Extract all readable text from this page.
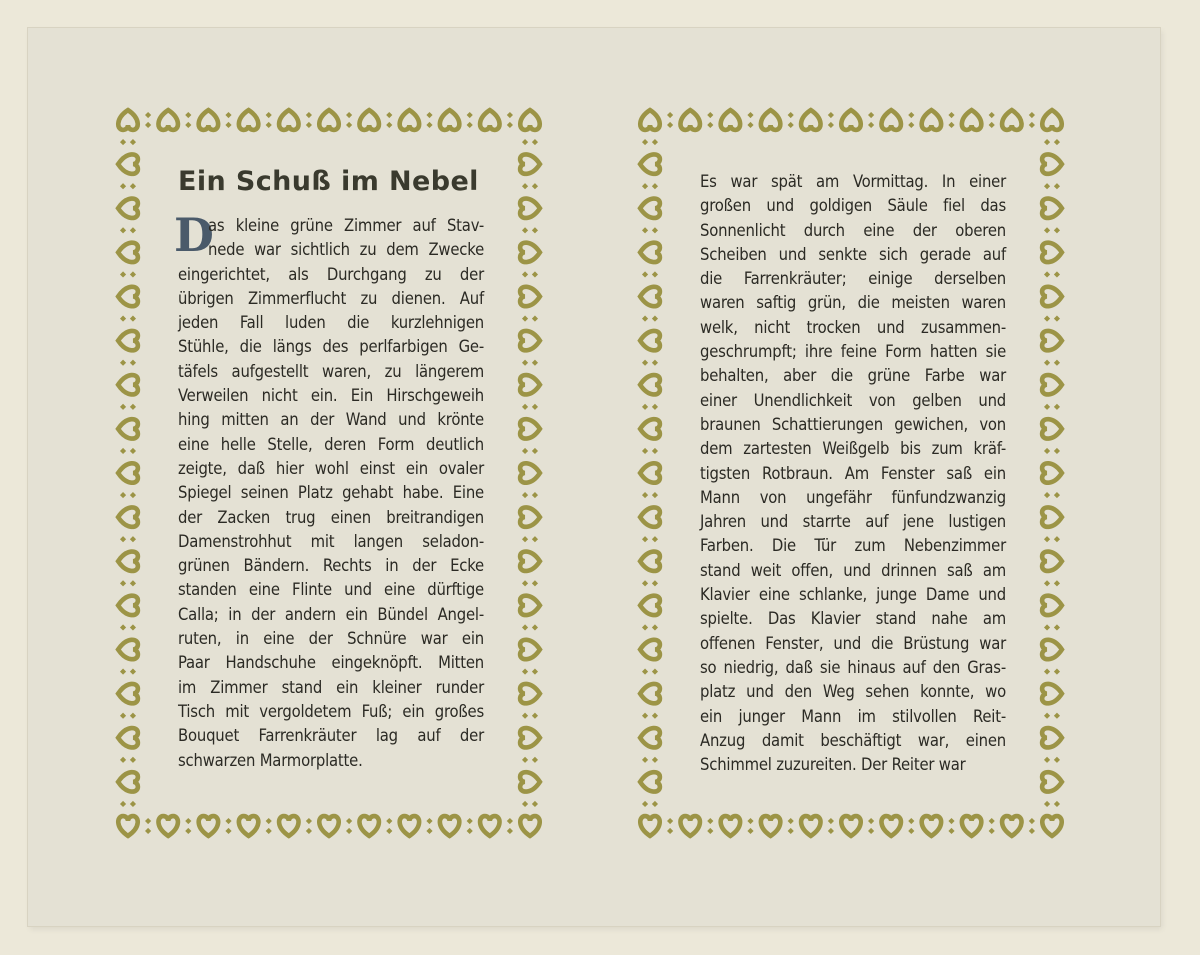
Ein Schuß im Nebel
D
as kleine grüne Zimmer auf Stav-
nede war sichtlich zu dem Zwecke
eingerichtet, als Durchgang zu der
übrigen Zimmerflucht zu dienen. Auf
jeden Fall luden die kurzlehnigen
Stühle, die längs des perlfarbigen Ge-
täfels aufgestellt waren, zu längerem
Verweilen nicht ein. Ein Hirschgeweih
hing mitten an der Wand und krönte
eine helle Stelle, deren Form deutlich
zeigte, daß hier wohl einst ein ovaler
Spiegel seinen Platz gehabt habe. Eine
der Zacken trug einen breitrandigen
Damenstrohhut mit langen seladon-
grünen Bändern. Rechts in der Ecke
standen eine Flinte und eine dürftige
Calla; in der andern ein Bündel Angel-
ruten, in eine der Schnüre war ein
Paar Handschuhe eingeknöpft. Mitten
im Zimmer stand ein kleiner runder
Tisch mit vergoldetem Fuß; ein großes
Bouquet Farrenkräuter lag auf der
schwarzen Marmorplatte.
Es war spät am Vormittag. In einer
großen und goldigen Säule fiel das
Sonnenlicht durch eine der oberen
Scheiben und senkte sich gerade auf
die Farrenkräuter; einige derselben
waren saftig grün, die meisten waren
welk, nicht trocken und zusammen-
geschrumpft; ihre feine Form hatten sie
behalten, aber die grüne Farbe war
einer Unendlichkeit von gelben und
braunen Schattierungen gewichen, von
dem zartesten Weißgelb bis zum kräf-
tigsten Rotbraun. Am Fenster saß ein
Mann von ungefähr fünfundzwanzig
Jahren und starrte auf jene lustigen
Farben. Die Tür zum Nebenzimmer
stand weit offen, und drinnen saß am
Klavier eine schlanke, junge Dame und
spielte. Das Klavier stand nahe am
offenen Fenster, und die Brüstung war
so niedrig, daß sie hinaus auf den Gras-
platz und den Weg sehen konnte, wo
ein junger Mann im stilvollen Reit-
Anzug damit beschäftigt war, einen
Schimmel zuzureiten. Der Reiter war
